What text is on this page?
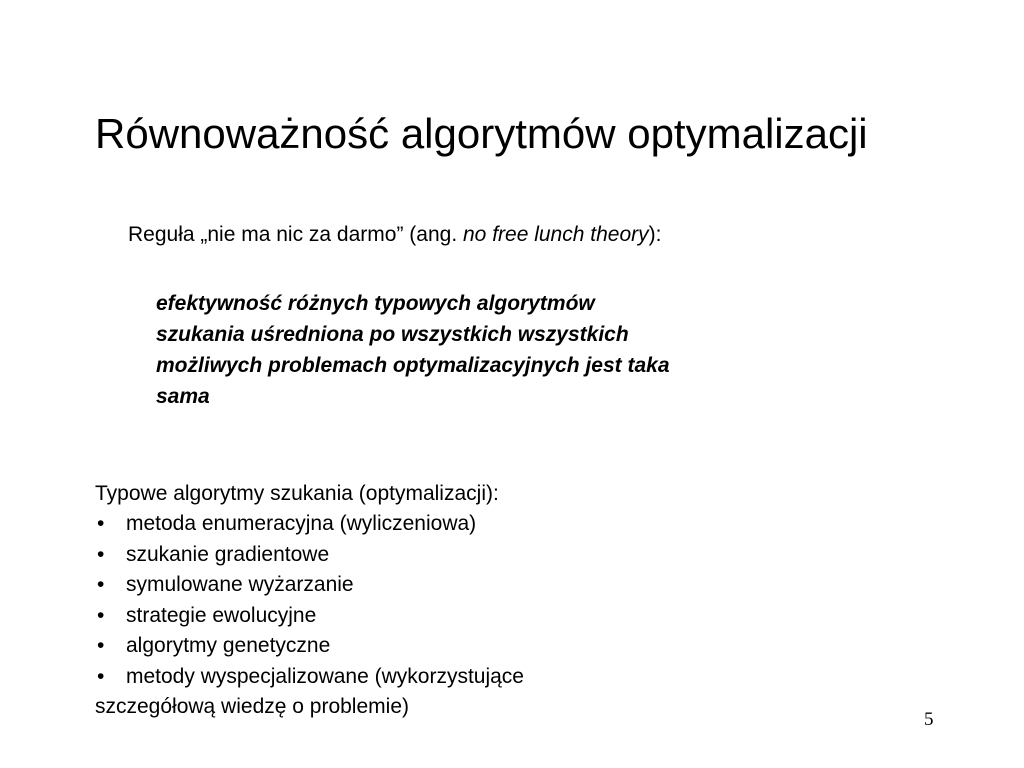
Równoważność algorytmów optymalizacji
Reguła „nie ma nic za darmo” (ang. no free lunch theory):
efektywność różnych typowych algorytmów
szukania uśredniona po wszystkich wszystkich
możliwych problemach optymalizacyjnych jest taka
sama
Typowe algorytmy szukania (optymalizacji):
• metoda enumeracyjna (wyliczeniowa)
• szukanie gradientowe
• symulowane wyżarzanie
• strategie ewolucyjne
• algorytmy genetyczne
• metody wyspecjalizowane (wykorzystujące
szczegółową wiedzę o problemie)
5
